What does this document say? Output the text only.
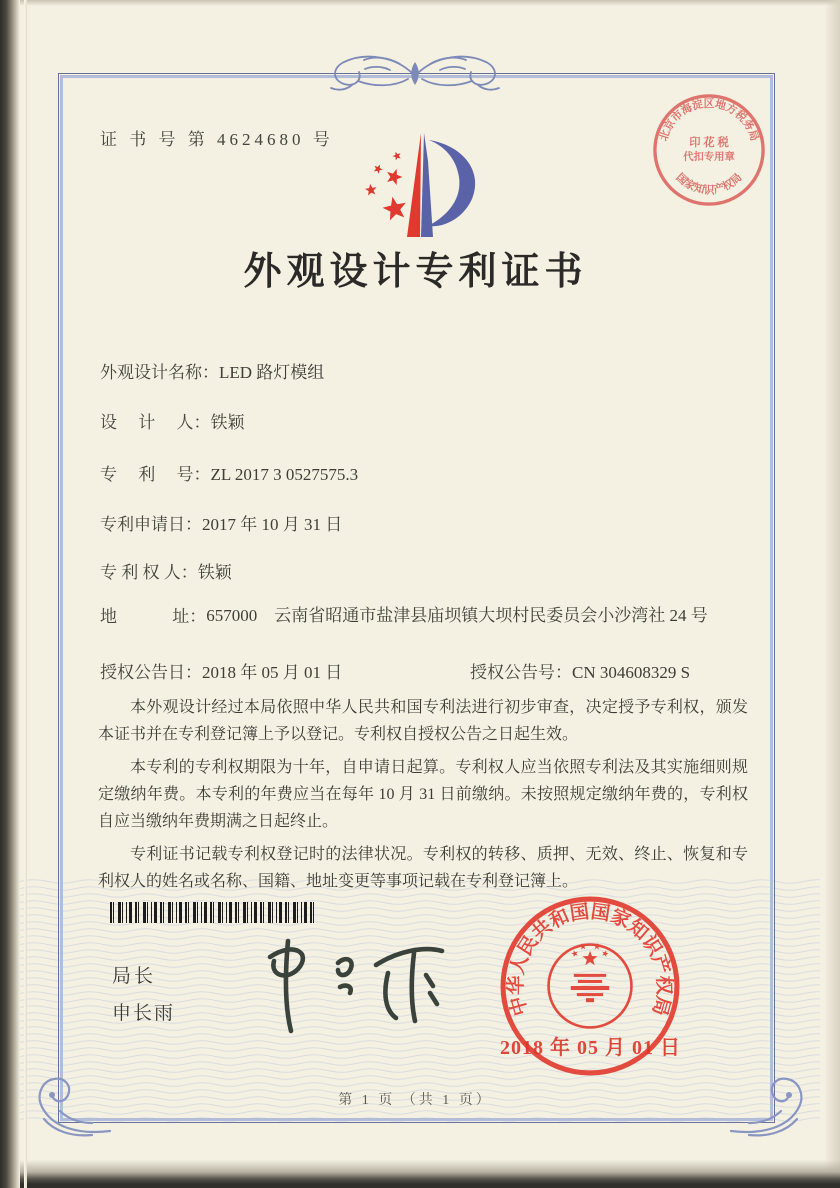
证 书 号 第 4624680 号	北京市海淀区地方税务局
国家知识产权局
印 花 税
代扣专用章
外观设计专利证书
外观设计名称：LED 路灯模组
设　 计　 人：铁颖
专　 利　 号：ZL 2017 3 0527575.3
专利申请日：2017 年 10 月 31 日
专 利 权 人：铁颖
地　　　 址：657000　云南省昭通市盐津县庙坝镇大坝村民委员会小沙湾社 24 号
授权公告日：2018 年 05 月 01 日	授权公告号：CN 304608329 S

本外观设计经过本局依照中华人民共和国专利法进行初步审查，决定授予专利权，颁发本证书并在专利登记簿上予以登记。专利权自授权公告之日起生效。

本专利的专利权期限为十年，自申请日起算。专利权人应当依照专利法及其实施细则规定缴纳年费。本专利的年费应当在每年 10 月 31 日前缴纳。未按照规定缴纳年费的，专利权自应当缴纳年费期满之日起终止。

专利证书记载专利权登记时的法律状况。专利权的转移、质押、无效、终止、恢复和专利权人的姓名或名称、国籍、地址变更等事项记载在专利登记簿上。

局长
申长雨	中华人民共和国国家知识产权局
2018 年 05 月 01 日
第 1 页 （共 1 页）
